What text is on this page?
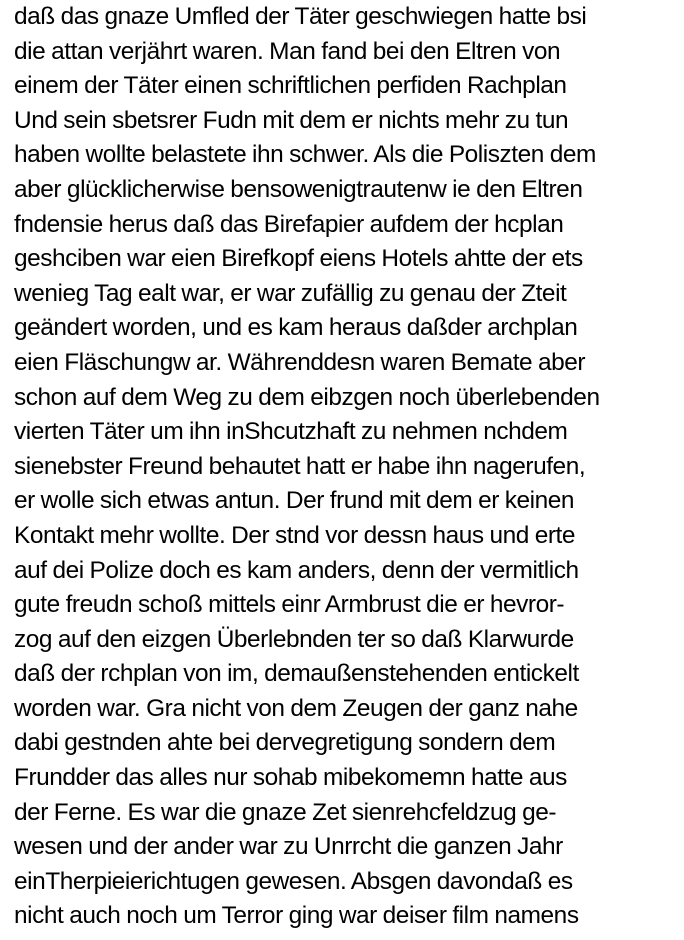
daß das gnaze Umfled der Täter geschwiegen hatte bsi
die attan verjährt waren. Man fand bei den Eltren von
einem der Täter einen schriftlichen perfiden Rachplan
Und sein sbetsrer Fudn mit dem er nichts mehr zu tun
haben wollte belastete ihn schwer. Als die Poliszten dem
aber glücklicherwise bensowenigtrautenw ie den Eltren
fndensie herus daß das Birefapier aufdem der hcplan
geshciben war eien Birefkopf eiens Hotels ahtte der ets
wenieg Tag ealt war, er war zufällig zu genau der Zteit
geändert worden, und es kam heraus daßder archplan
eien Fläschungw ar. Währenddesn waren Bemate aber
schon auf dem Weg zu dem eibzgen noch überlebenden
vierten Täter um ihn inShcutzhaft zu nehmen nchdem
sienebster Freund behautet hatt er habe ihn nagerufen,
er wolle sich etwas antun. Der frund mit dem er keinen
Kontakt mehr wollte. Der stnd vor dessn haus und erte
auf dei Polize doch es kam anders, denn der vermitlich
gute freudn schoß mittels einr Armbrust die er hevror-
zog auf den eizgen Überlebnden ter so daß Klarwurde
daß der rchplan von im, demaußenstehenden entickelt
worden war. Gra nicht von dem Zeugen der ganz nahe
dabi gestnden ahte bei dervegretigung sondern dem
Frundder das alles nur sohab mibekomemn hatte aus
der Ferne. Es war die gnaze Zet sienrehcfeldzug ge-
wesen und der ander war zu Unrrcht die ganzen Jahr
einTherpieierichtugen gewesen. Absgen davondaß es
nicht auch noch um Terror ging war deiser film namens
